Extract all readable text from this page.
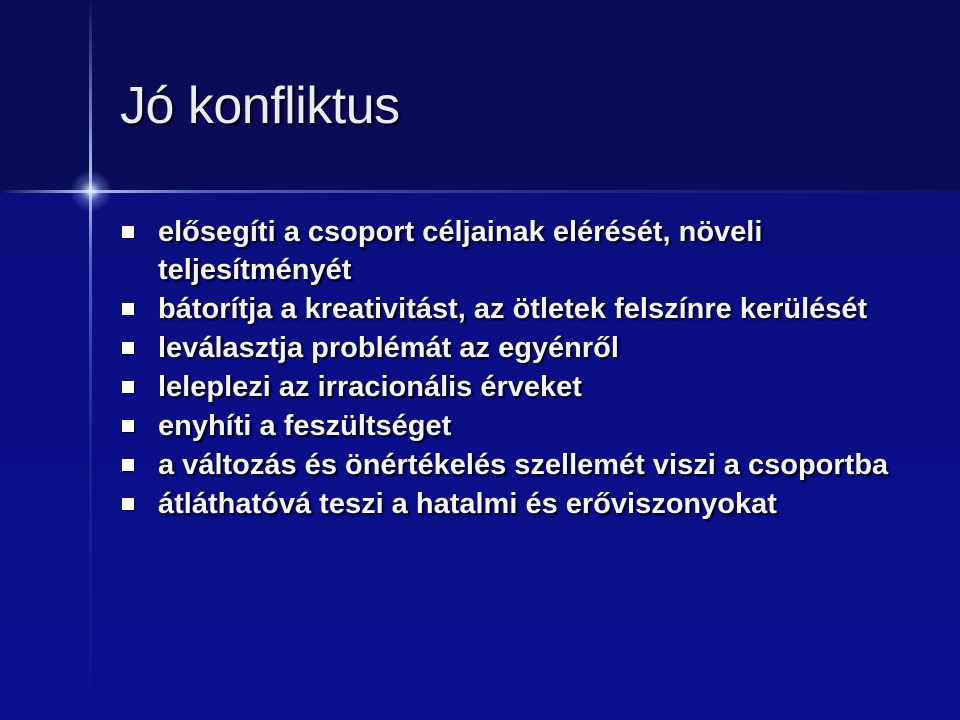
Jó konfliktus
elősegíti a csoport céljainak elérését, növeli teljesítményét
bátorítja a kreativitást, az ötletek felszínre kerülését
leválasztja problémát az egyénről
leleplezi az irracionális érveket
enyhíti a feszültséget
a változás és önértékelés szellemét viszi a csoportba
átláthatóvá teszi a hatalmi és erőviszonyokat
